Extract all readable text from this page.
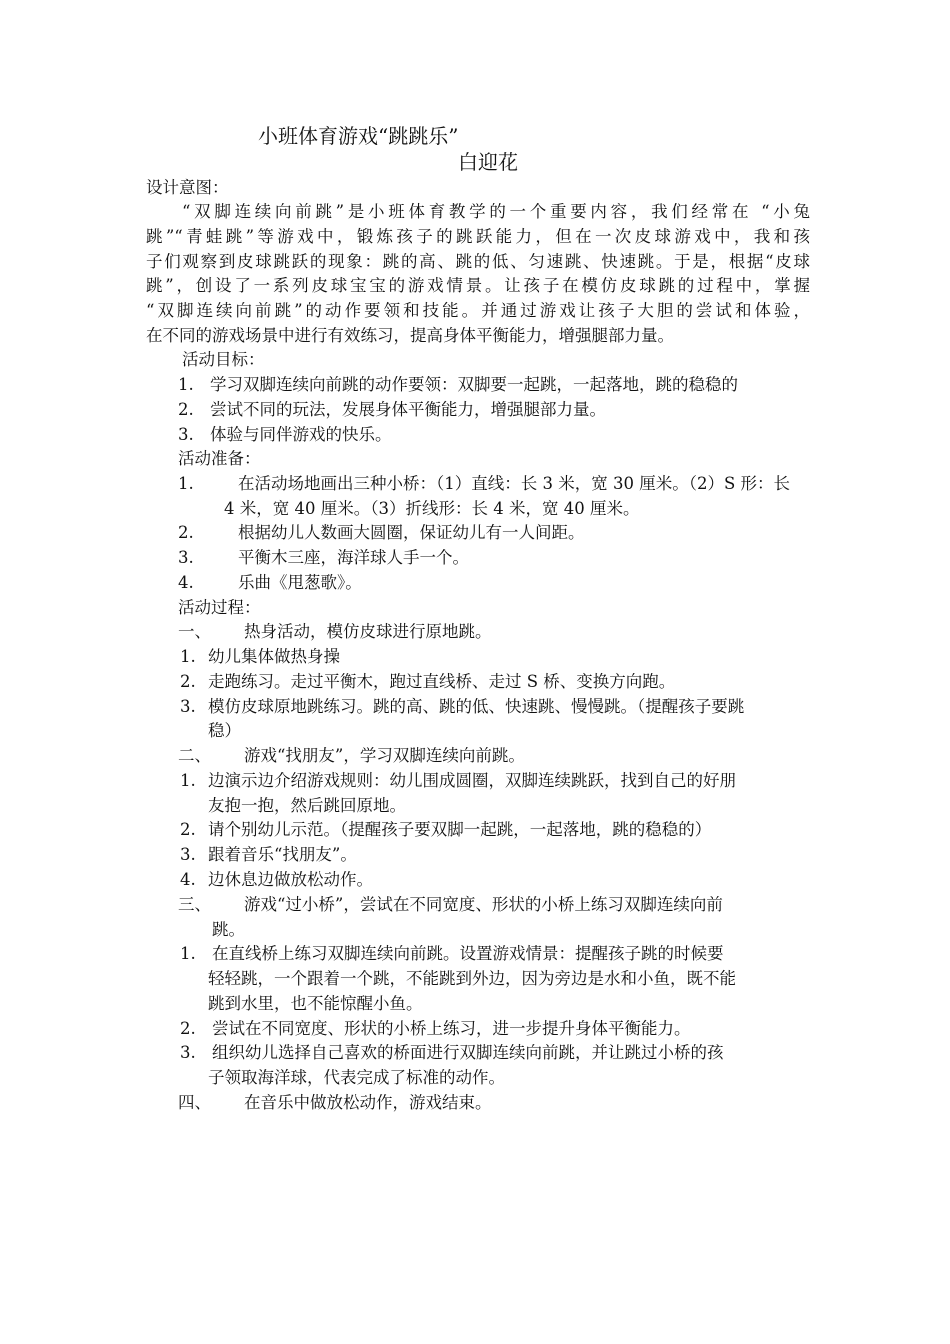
小班体育游戏“跳跳乐”
白迎花
设计意图：
“双脚连续向前跳”是小班体育教学的一个重要内容，我们经常在 “小兔
跳”“青蛙跳”等游戏中，锻炼孩子的跳跃能力，但在一次皮球游戏中，我和孩
子们观察到皮球跳跃的现象：跳的高、跳的低、匀速跳、快速跳。于是，根据“皮球
跳”，创设了一系列皮球宝宝的游戏情景。让孩子在模仿皮球跳的过程中，掌握
“双脚连续向前跳”的动作要领和技能。并通过游戏让孩子大胆的尝试和体验，
在不同的游戏场景中进行有效练习，提高身体平衡能力，增强腿部力量。
活动目标：
1. 学习双脚连续向前跳的动作要领：双脚要一起跳，一起落地，跳的稳稳的
2. 尝试不同的玩法，发展身体平衡能力，增强腿部力量。
3. 体验与同伴游戏的快乐。
活动准备：
1.	在活动场地画出三种小桥：（1）直线：长 3 米，宽 30 厘米。（2）S 形：长
4 米，宽 40 厘米。（3）折线形：长 4 米，宽 40 厘米。
2.	根据幼儿人数画大圆圈，保证幼儿有一人间距。
3.	平衡木三座，海洋球人手一个。
4.	乐曲《甩葱歌》。
活动过程：
一、 热身活动，模仿皮球进行原地跳。
1. 幼儿集体做热身操
2. 走跑练习。走过平衡木，跑过直线桥、走过 S 桥、变换方向跑。
3. 模仿皮球原地跳练习。跳的高、跳的低、快速跳、慢慢跳。（提醒孩子要跳
稳）
二、 游戏“找朋友”，学习双脚连续向前跳。
1. 边演示边介绍游戏规则：幼儿围成圆圈，双脚连续跳跃，找到自己的好朋
友抱一抱，然后跳回原地。
2. 请个别幼儿示范。（提醒孩子要双脚一起跳，一起落地，跳的稳稳的）
3. 跟着音乐“找朋友”。
4. 边休息边做放松动作。
三、 游戏“过小桥”，尝试在不同宽度、形状的小桥上练习双脚连续向前
跳。
1. 在直线桥上练习双脚连续向前跳。设置游戏情景：提醒孩子跳的时候要
轻轻跳，一个跟着一个跳，不能跳到外边，因为旁边是水和小鱼，既不能
跳到水里，也不能惊醒小鱼。
2. 尝试在不同宽度、形状的小桥上练习，进一步提升身体平衡能力。
3. 组织幼儿选择自己喜欢的桥面进行双脚连续向前跳，并让跳过小桥的孩
子领取海洋球，代表完成了标准的动作。
四、 在音乐中做放松动作，游戏结束。
